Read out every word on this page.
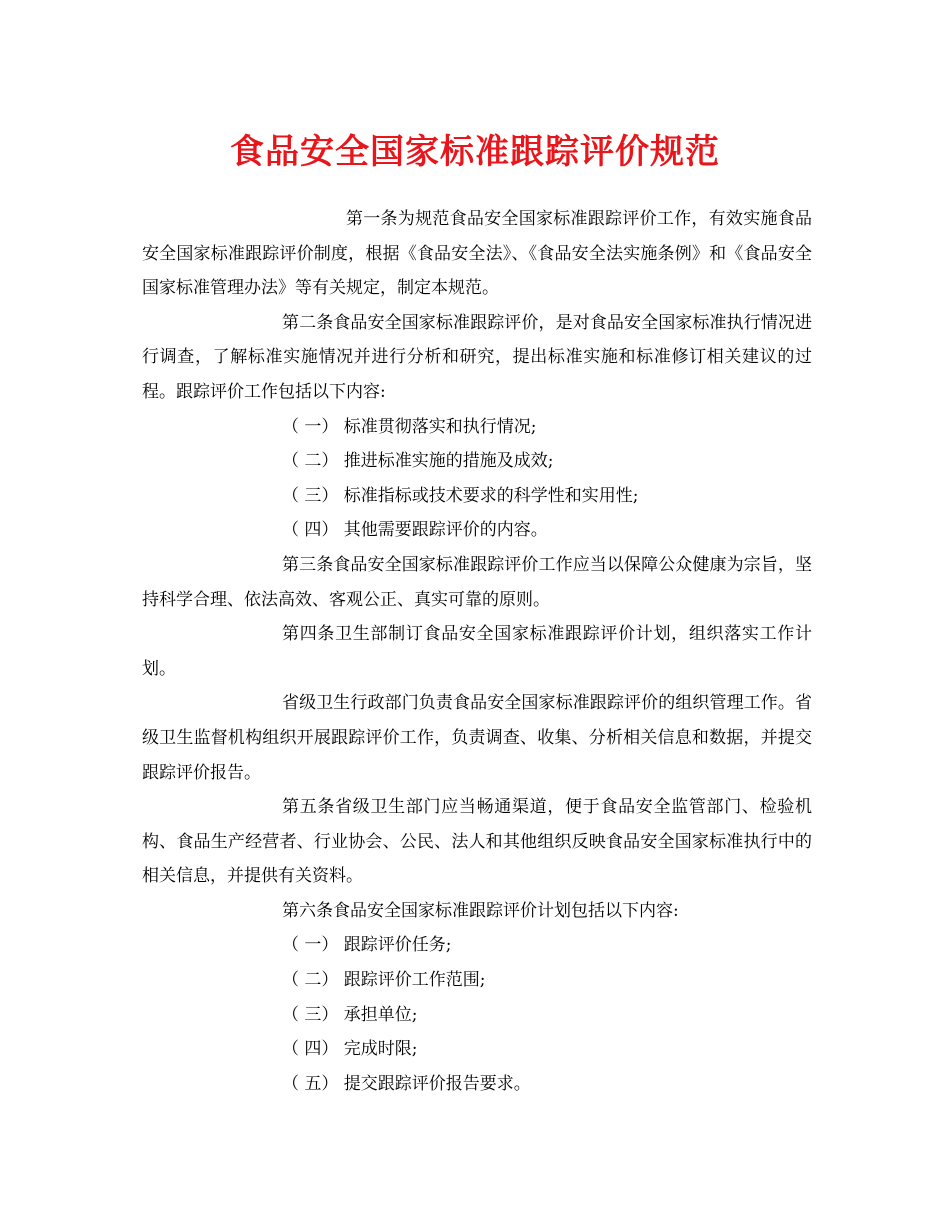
食品安全国家标准跟踪评价规范

第一条为规范食品安全国家标准跟踪评价工作，有效实施食品安全国家标准跟踪评价制度，根据《食品安全法》、《食品安全法实施条例》和《食品安全国家标准管理办法》等有关规定，制定本规范。

第二条食品安全国家标准跟踪评价，是对食品安全国家标准执行情况进行调查，了解标准实施情况并进行分析和研究，提出标准实施和标准修订相关建议的过程。跟踪评价工作包括以下内容:

（ 一） 标准贯彻落实和执行情况;

（ 二） 推进标准实施的措施及成效;

（ 三） 标准指标或技术要求的科学性和实用性;

（ 四） 其他需要跟踪评价的内容。

第三条食品安全国家标准跟踪评价工作应当以保障公众健康为宗旨，坚持科学合理、依法高效、客观公正、真实可靠的原则。

第四条卫生部制订食品安全国家标准跟踪评价计划，组织落实工作计划。

省级卫生行政部门负责食品安全国家标准跟踪评价的组织管理工作。省级卫生监督机构组织开展跟踪评价工作，负责调查、收集、分析相关信息和数据，并提交跟踪评价报告。

第五条省级卫生部门应当畅通渠道，便于食品安全监管部门、检验机构、食品生产经营者、行业协会、公民、法人和其他组织反映食品安全国家标准执行中的相关信息，并提供有关资料。

第六条食品安全国家标准跟踪评价计划包括以下内容:

（ 一） 跟踪评价任务;

（ 二） 跟踪评价工作范围;

（ 三） 承担单位;

（ 四） 完成时限;

（ 五） 提交跟踪评价报告要求。
